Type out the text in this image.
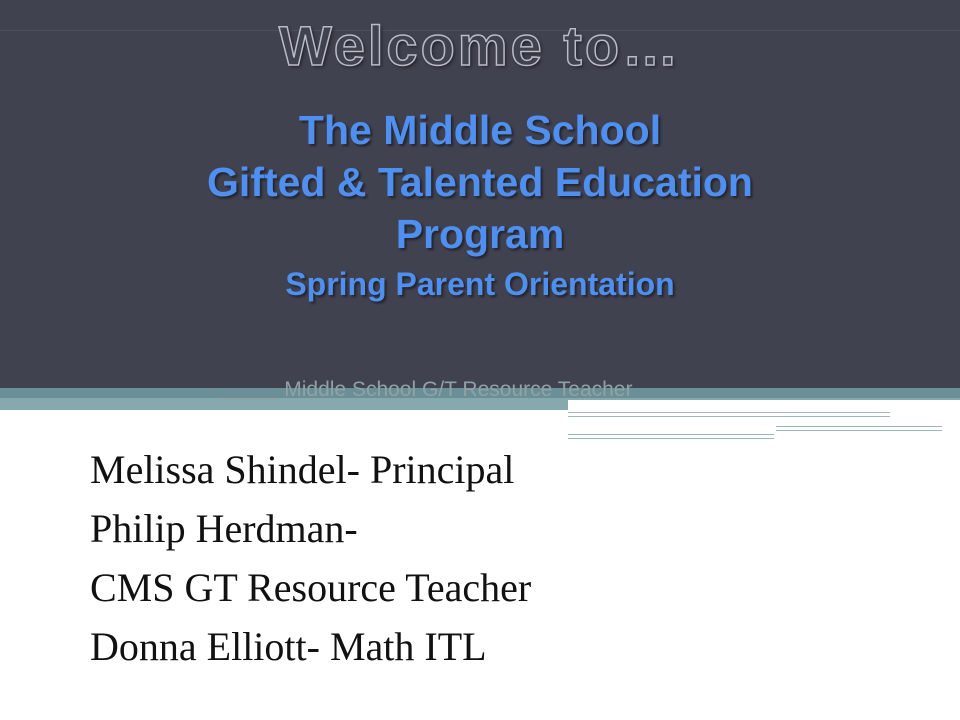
_____ Middle School G/T Resource Teacher
Welcome to…
The Middle School
Gifted & Talented Education
Program
Spring Parent Orientation
Melissa Shindel- Principal
Philip Herdman-
CMS GT Resource Teacher
Donna Elliott- Math ITL
